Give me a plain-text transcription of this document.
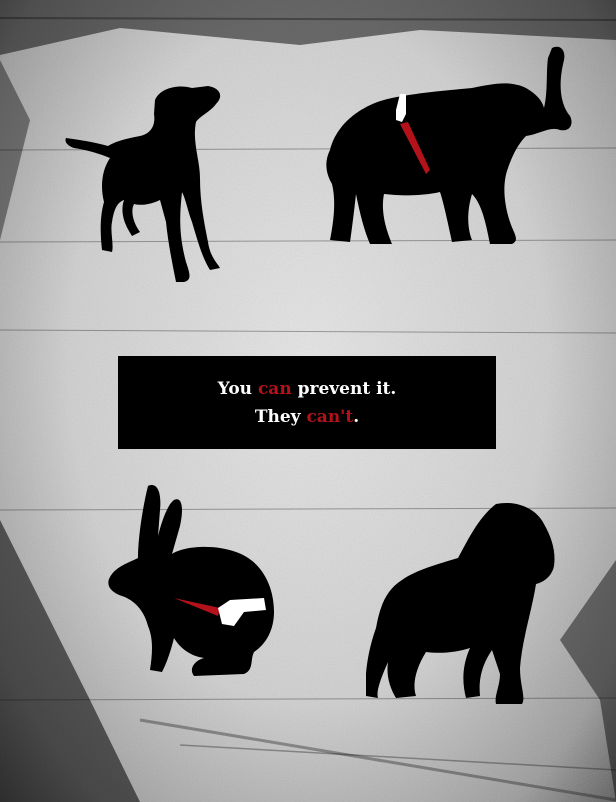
You can prevent it.
They can't.
